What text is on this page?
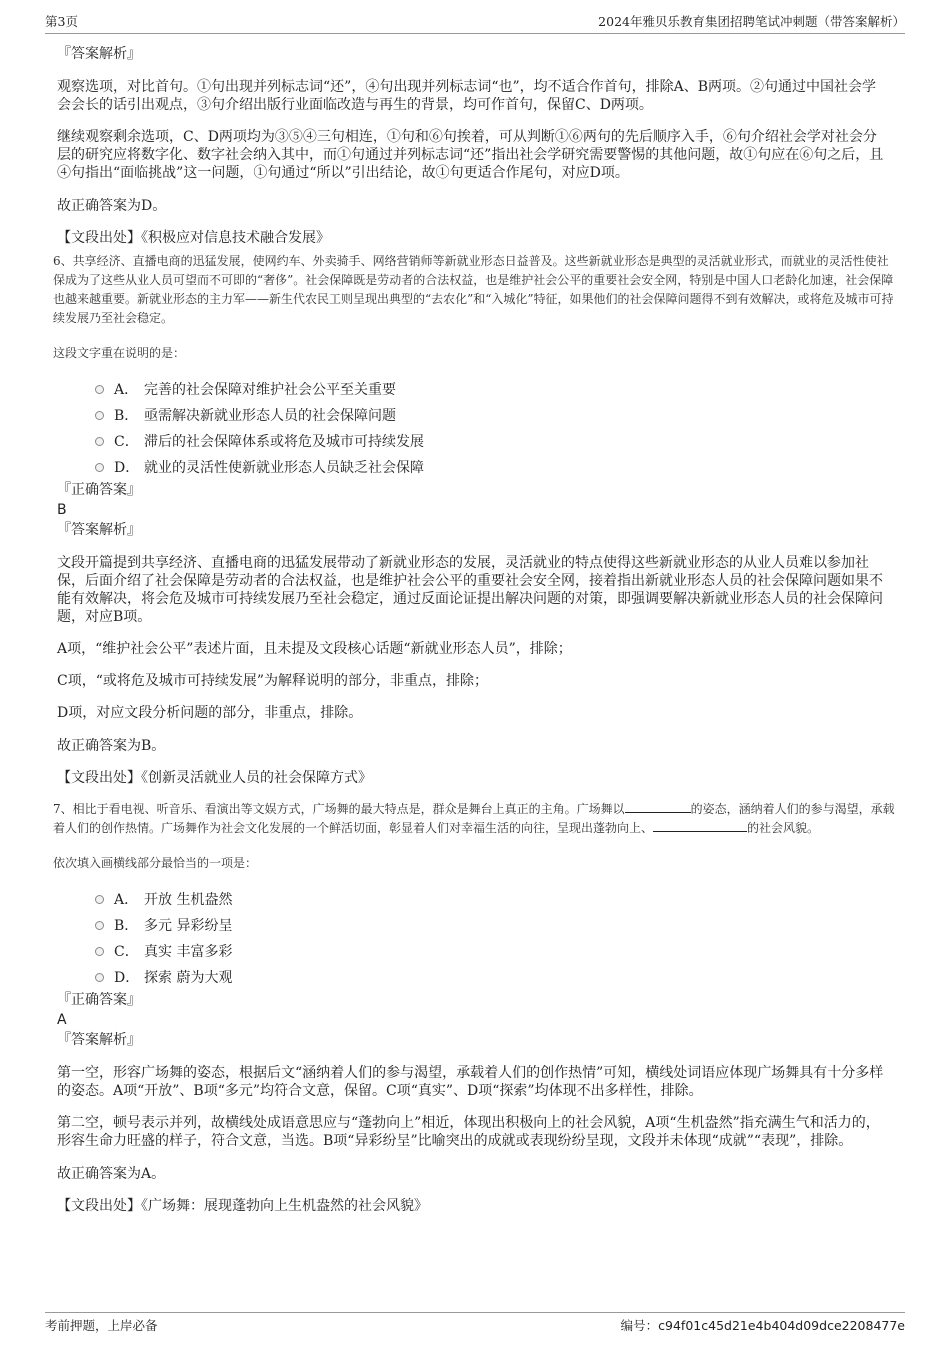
第3页	2024年雅贝乐教育集团招聘笔试冲刺题（带答案解析）
『答案解析』

观察选项，对比首句。①句出现并列标志词“还”，④句出现并列标志词“也”，均不适合作首句，排除A、B两项。②句通过中国社会学会会长的话引出观点，③句介绍出版行业面临改造与再生的背景，均可作首句，保留C、D两项。

继续观察剩余选项，C、D两项均为③⑤④三句相连，①句和⑥句挨着，可从判断①⑥两句的先后顺序入手，⑥句介绍社会学对社会分层的研究应将数字化、数字社会纳入其中，而①句通过并列标志词“还”指出社会学研究需要警惕的其他问题，故①句应在⑥句之后，且④句指出“面临挑战”这一问题，①句通过“所以”引出结论，故①句更适合作尾句，对应D项。

故正确答案为D。
【文段出处】《积极应对信息技术融合发展》

6、共享经济、直播电商的迅猛发展，使网约车、外卖骑手、网络营销师等新就业形态日益普及。这些新就业形态是典型的灵活就业形式，而就业的灵活性使社保成为了这些从业人员可望而不可即的“奢侈”。社会保障既是劳动者的合法权益，也是维护社会公平的重要社会安全网，特别是中国人口老龄化加速，社会保障也越来越重要。新就业形态的主力军——新生代农民工则呈现出典型的“去农化”和“入城化”特征，如果他们的社会保障问题得不到有效解决，或将危及城市可持续发展乃至社会稳定。

这段文字重在说明的是：
A． 完善的社会保障对维护社会公平至关重要
B． 亟需解决新就业形态人员的社会保障问题
C． 滞后的社会保障体系或将危及城市可持续发展
D． 就业的灵活性使新就业形态人员缺乏社会保障
『正确答案』
B
『答案解析』

文段开篇提到共享经济、直播电商的迅猛发展带动了新就业形态的发展，灵活就业的特点使得这些新就业形态的从业人员难以参加社保，后面介绍了社会保障是劳动者的合法权益，也是维护社会公平的重要社会安全网，接着指出新就业形态人员的社会保障问题如果不能有效解决，将会危及城市可持续发展乃至社会稳定，通过反面论证提出解决问题的对策，即强调要解决新就业形态人员的社会保障问题，对应B项。

A项，“维护社会公平”表述片面，且未提及文段核心话题“新就业形态人员”，排除；

C项，“或将危及城市可持续发展”为解释说明的部分，非重点，排除；

D项，对应文段分析问题的部分，非重点，排除。

故正确答案为B。
【文段出处】《创新灵活就业人员的社会保障方式》

7、相比于看电视、听音乐、看演出等文娱方式，广场舞的最大特点是，群众是舞台上真正的主角。广场舞以	的姿态，涵纳着人们的参与渴望，承载着人们的创作热情。广场舞作为社会文化发展的一个鲜活切面，彰显着人们对幸福生活的向往，呈现出蓬勃向上、	的社会风貌。

依次填入画横线部分最恰当的一项是：
A． 开放 生机盎然
B． 多元 异彩纷呈
C． 真实 丰富多彩
D． 探索 蔚为大观
『正确答案』
A
『答案解析』

第一空，形容广场舞的姿态，根据后文“涵纳着人们的参与渴望，承载着人们的创作热情”可知，横线处词语应体现广场舞具有十分多样的姿态。A项“开放”、B项“多元”均符合文意，保留。C项“真实”、D项“探索”均体现不出多样性，排除。

第二空，顿号表示并列，故横线处成语意思应与“蓬勃向上”相近，体现出积极向上的社会风貌，A项“生机盎然”指充满生气和活力的，形容生命力旺盛的样子，符合文意，当选。B项“异彩纷呈”比喻突出的成就或表现纷纷呈现，文段并未体现“成就”“表现”，排除。

故正确答案为A。
【文段出处】《广场舞：展现蓬勃向上生机盎然的社会风貌》
考前押题，上岸必备	编号：c94f01c45d21e4b404d09dce2208477e
